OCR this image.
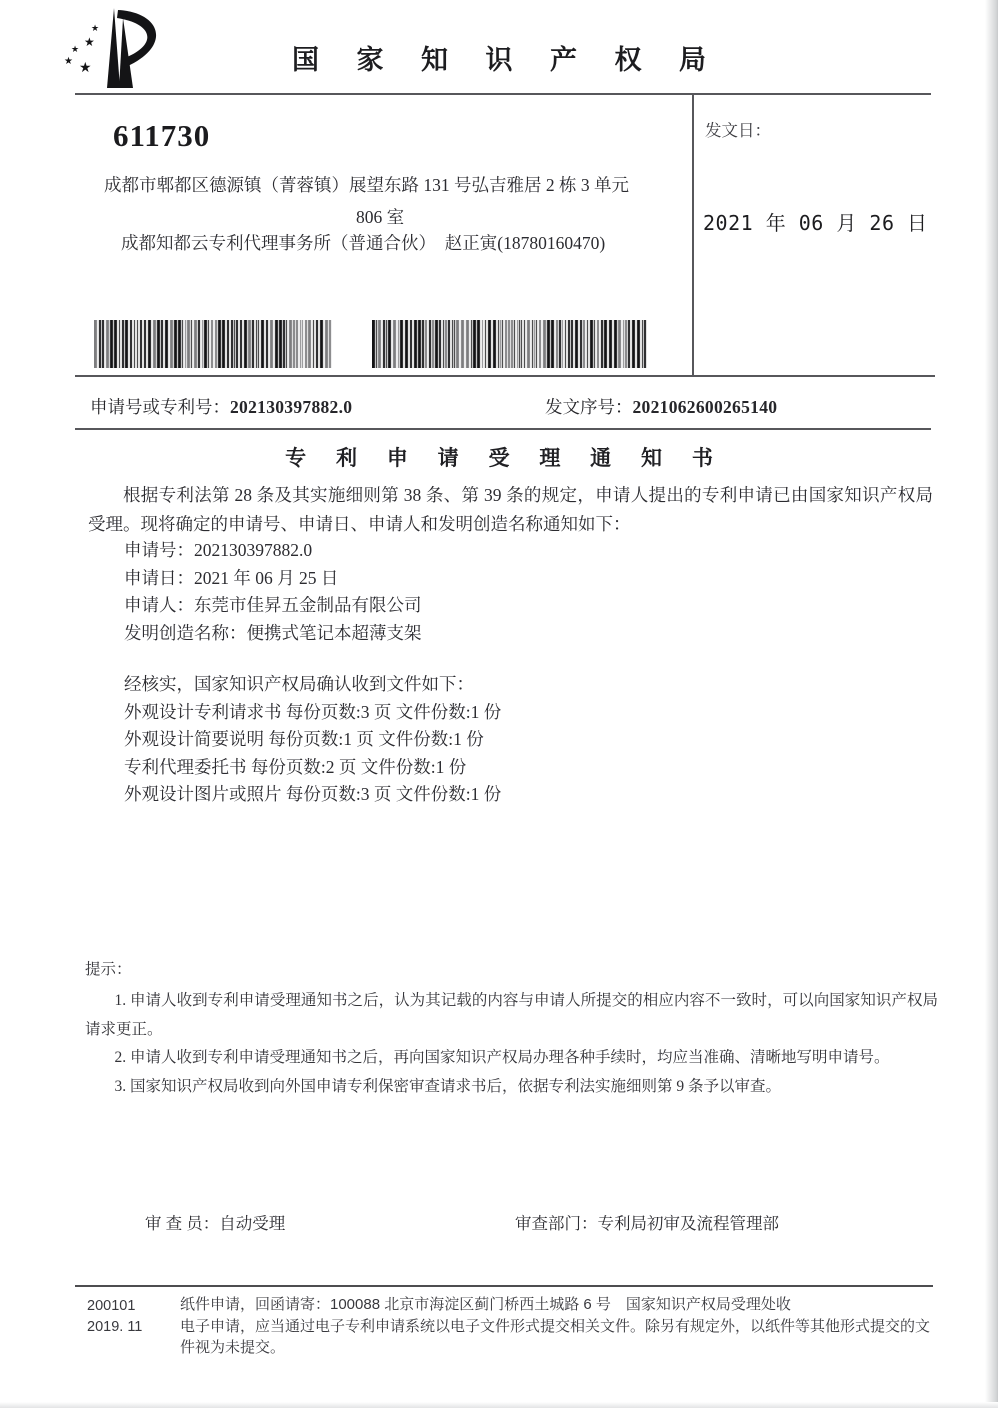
★
★
★
★ ★	国 家 知 识 产 权 局
611730
成都市郫都区德源镇（菁蓉镇）展望东路 131 号弘吉雅居 2 栋 3 单元
806 室
成都知都云专利代理事务所（普通合伙）　赵正寅(18780160470)
发文日：
2021 年 06 月 26 日
申请号或专利号：202130397882.0	发文序号：2021062600265140
专 利 申 请 受 理 通 知 书
根据专利法第 28 条及其实施细则第 38 条、第 39 条的规定，申请人提出的专利申请已由国家知识产权局受理。现将确定的申请号、申请日、申请人和发明创造名称通知如下：
申请号：202130397882.0
申请日：2021 年 06 月 25 日
申请人：东莞市佳昇五金制品有限公司
发明创造名称：便携式笔记本超薄支架
经核实，国家知识产权局确认收到文件如下：
外观设计专利请求书 每份页数:3 页 文件份数:1 份
外观设计简要说明 每份页数:1 页 文件份数:1 份
专利代理委托书 每份页数:2 页 文件份数:1 份
外观设计图片或照片 每份页数:3 页 文件份数:1 份
提示：

1. 申请人收到专利申请受理通知书之后，认为其记载的内容与申请人所提交的相应内容不一致时，可以向国家知识产权局请求更正。

2. 申请人收到专利申请受理通知书之后，再向国家知识产权局办理各种手续时，均应当准确、清晰地写明申请号。

3. 国家知识产权局收到向外国申请专利保密审查请求书后，依据专利法实施细则第 9 条予以审查。

审 查 员：自动受理	审查部门：专利局初审及流程管理部
200101
2019. 11
纸件申请，回函请寄：100088 北京市海淀区蓟门桥西土城路 6 号　国家知识产权局受理处收
电子申请，应当通过电子专利申请系统以电子文件形式提交相关文件。除另有规定外，以纸件等其他形式提交的文件视为未提交。
